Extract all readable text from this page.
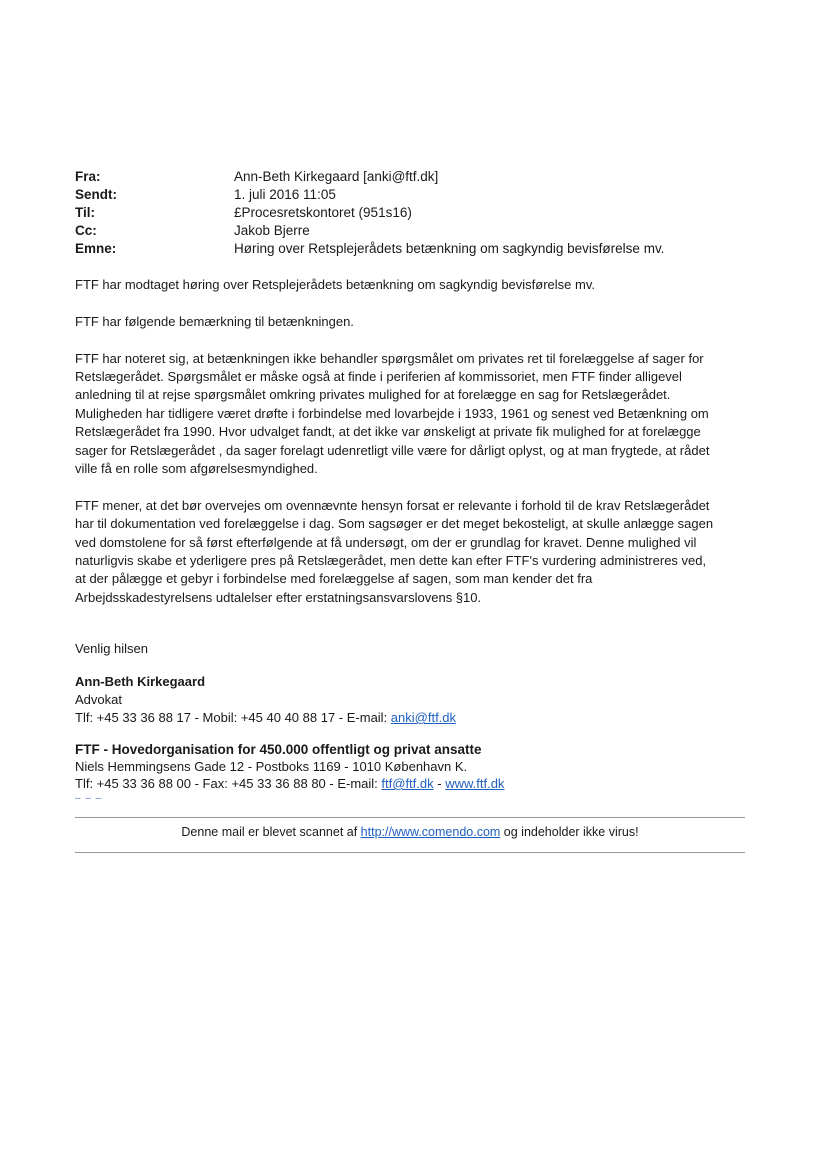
Fra:	Ann-Beth Kirkegaard [anki@ftf.dk]
Sendt:	1. juli 2016 11:05
Til:	£Procesretskontoret (951s16)
Cc:	Jakob Bjerre
Emne:	Høring over Retsplejerådets betænkning om sagkyndig bevisførelse mv.

FTF har modtaget høring over Retsplejerådets betænkning om sagkyndig bevisførelse mv.

FTF har følgende bemærkning til betænkningen.

FTF har noteret sig, at betænkningen ikke behandler spørgsmålet om privates ret til forelæggelse af sager for
Retslægerådet. Spørgsmålet er måske også at finde i periferien af kommissoriet, men FTF finder alligevel
anledning til at rejse spørgsmålet omkring privates mulighed for at forelægge en sag for Retslægerådet.
Muligheden har tidligere været drøfte i forbindelse med lovarbejde i 1933, 1961 og senest ved Betænkning om
Retslægerådet fra 1990. Hvor udvalget fandt, at det ikke var ønskeligt at private fik mulighed for at forelægge
sager for Retslægerådet , da sager forelagt udenretligt ville være for dårligt oplyst, og at man frygtede, at rådet
ville få en rolle som afgørelsesmyndighed.

FTF mener, at det bør overvejes om ovennævnte hensyn forsat er relevante i forhold til de krav Retslægerådet
har til dokumentation ved forelæggelse i dag. Som sagsøger er det meget bekosteligt, at skulle anlægge sagen
ved domstolene for så først efterfølgende at få undersøgt, om der er grundlag for kravet. Denne mulighed vil
naturligvis skabe et yderligere pres på Retslægerådet, men dette kan efter FTF's vurdering administreres ved,
at der pålægge et gebyr i forbindelse med forelæggelse af sagen, som man kender det fra
Arbejdsskadestyrelsens udtalelser efter erstatningsansvarslovens §10.

Venlig hilsen
Ann-Beth Kirkegaard
Advokat
Tlf: +45 33 36 88 17 - Mobil: +45 40 40 88 17 - E-mail: anki@ftf.dk
FTF - Hovedorganisation for 450.000 offentligt og privat ansatte
Niels Hemmingsens Gade 12 - Postboks 1169 - 1010 København K.
Tlf: +45 33 36 88 00 - Fax: +45 33 36 88 80 - E-mail: ftf@ftf.dk - www.ftf.dk
– – –
Denne mail er blevet scannet af http://www.comendo.com og indeholder ikke virus!
